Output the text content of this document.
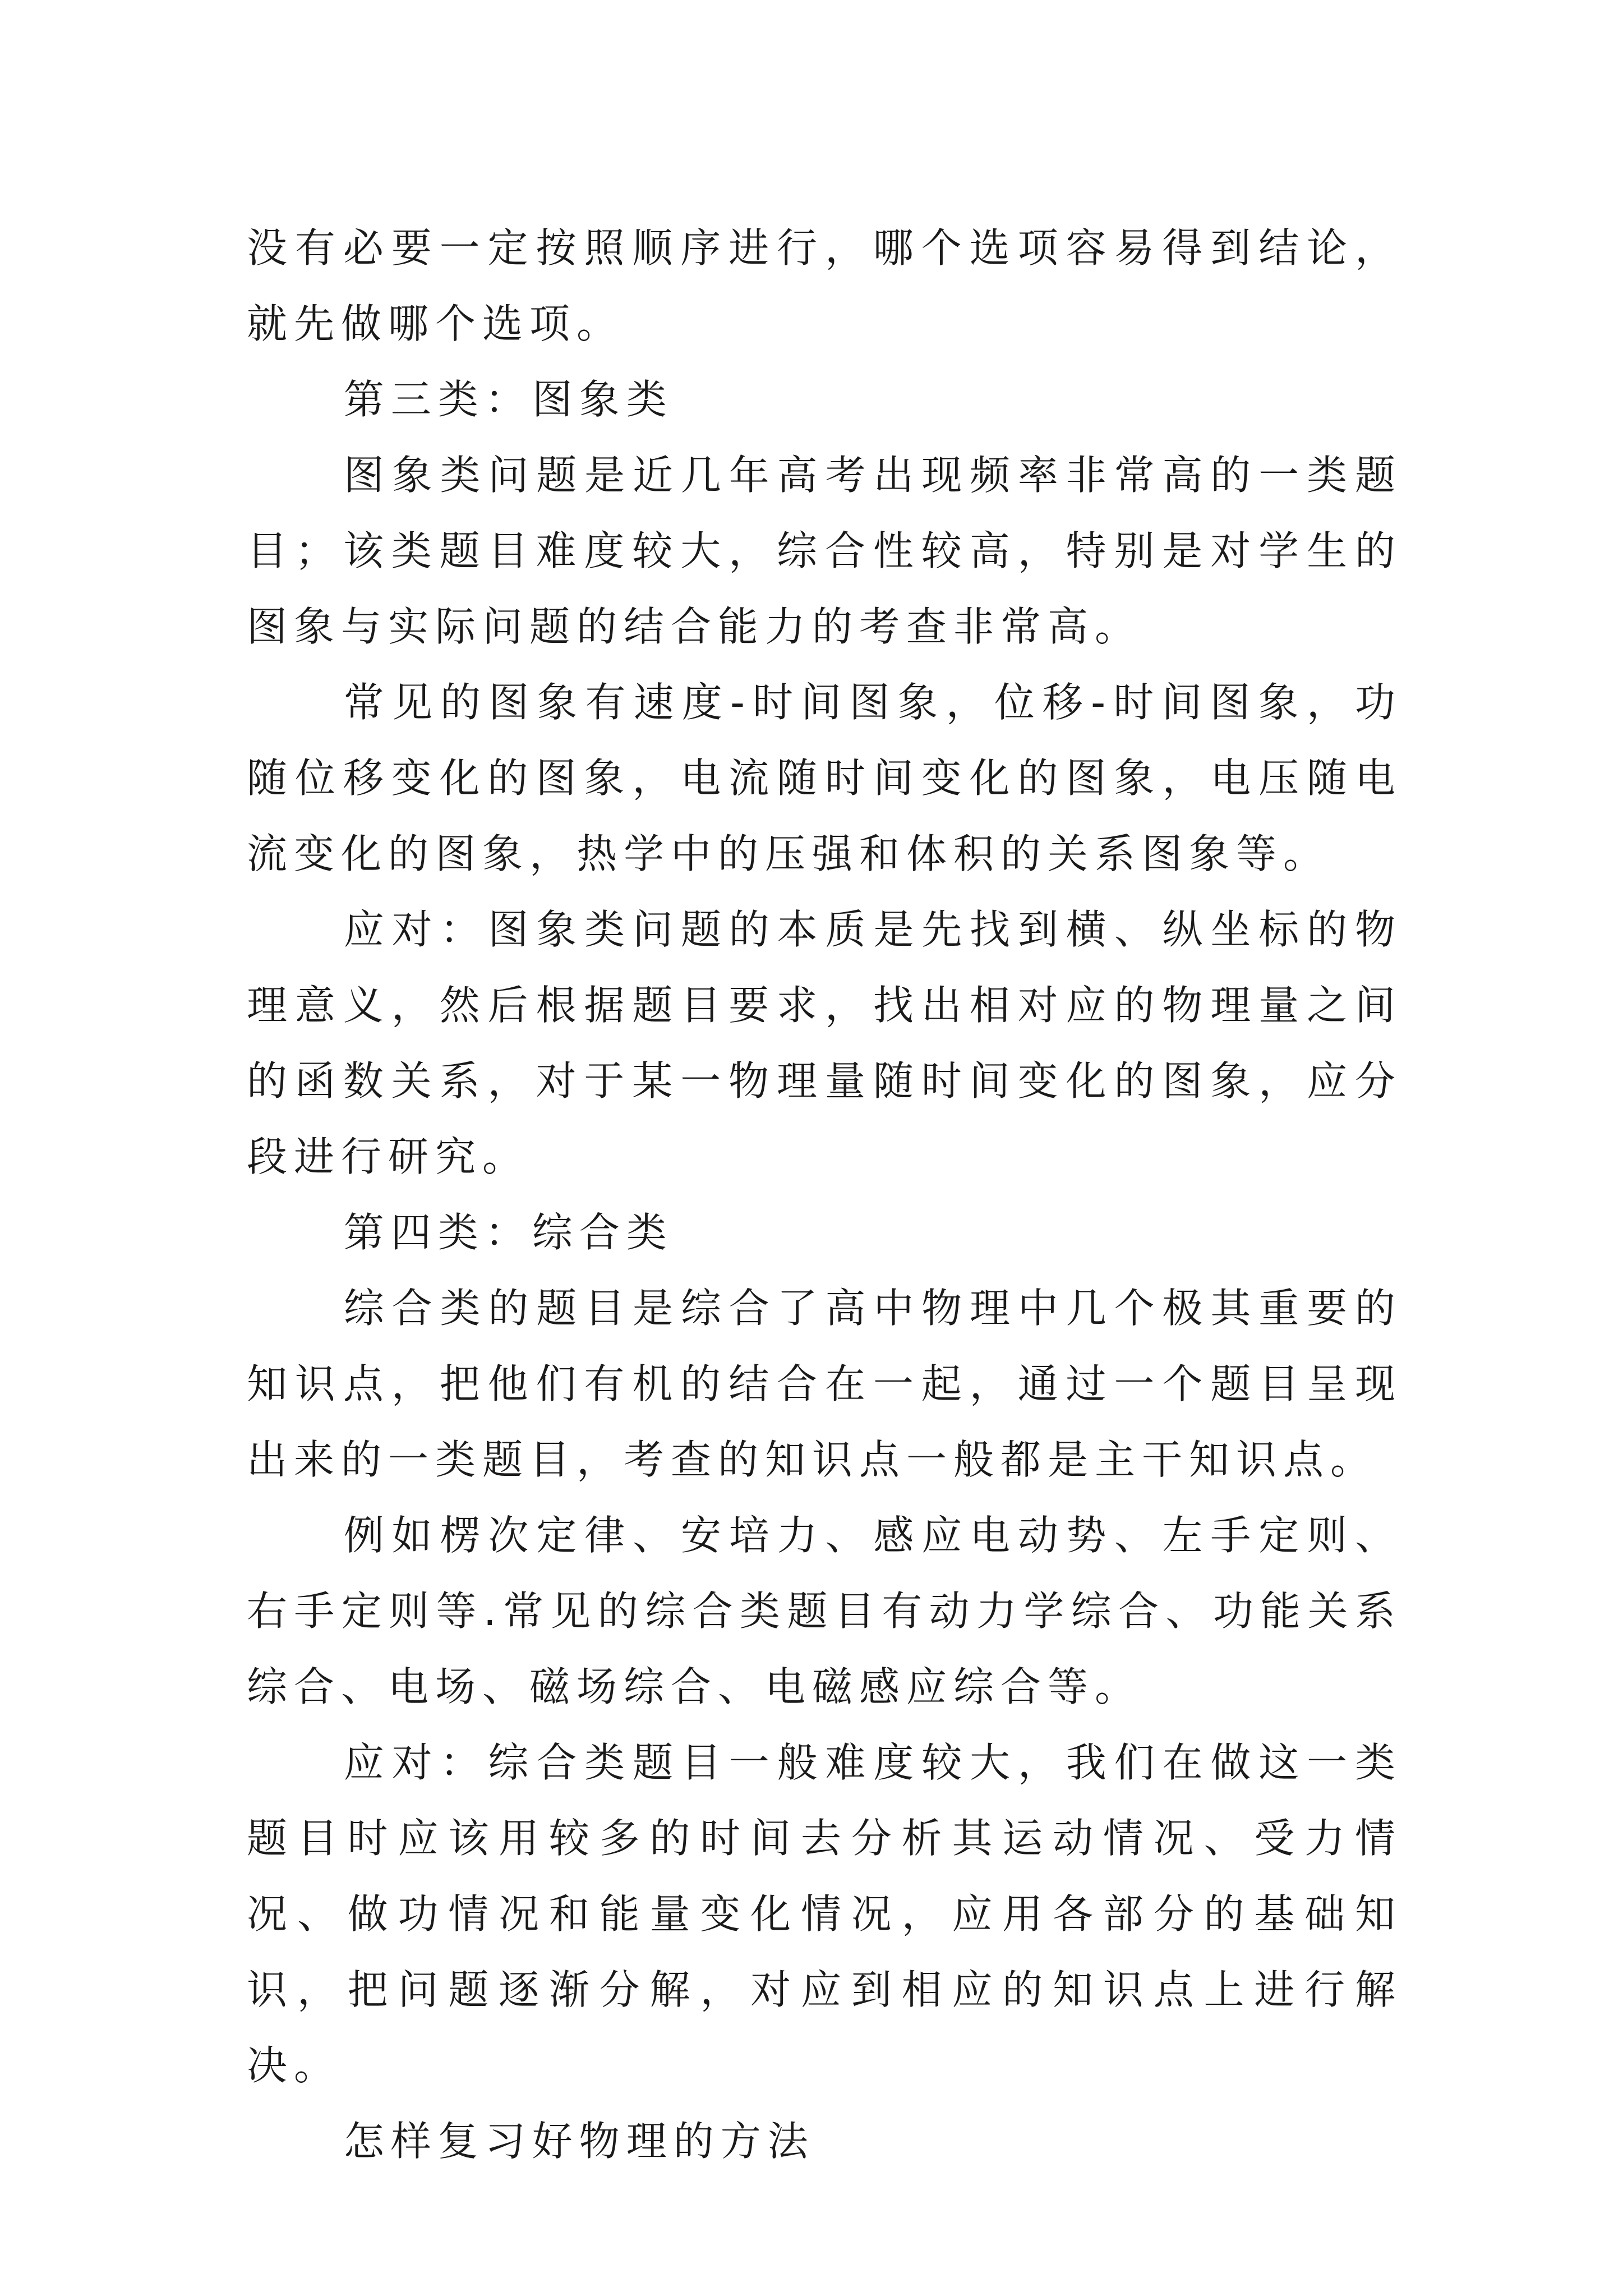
没有必要一定按照顺序进行，哪个选项容易得到结论，就先做哪个选项。

第三类：图象类

图象类问题是近几年高考出现频率非常高的一类题目；该类题目难度较大，综合性较高，特别是对学生的图象与实际问题的结合能力的考查非常高。

常见的图象有速度-时间图象，位移-时间图象，功随位移变化的图象，电流随时间变化的图象，电压随电流变化的图象，热学中的压强和体积的关系图象等。

应对：图象类问题的本质是先找到横、纵坐标的物理意义，然后根据题目要求，找出相对应的物理量之间的函数关系，对于某一物理量随时间变化的图象，应分段进行研究。

第四类：综合类

综合类的题目是综合了高中物理中几个极其重要的知识点，把他们有机的结合在一起，通过一个题目呈现出来的一类题目，考查的知识点一般都是主干知识点。

例如楞次定律、安培力、感应电动势、左手定则、右手定则等.常见的综合类题目有动力学综合、功能关系综合、电场、磁场综合、电磁感应综合等。

应对：综合类题目一般难度较大，我们在做这一类题目时应该用较多的时间去分析其运动情况、受力情况、做功情况和能量变化情况，应用各部分的基础知识，把问题逐渐分解，对应到相应的知识点上进行解决。

怎样复习好物理的方法
